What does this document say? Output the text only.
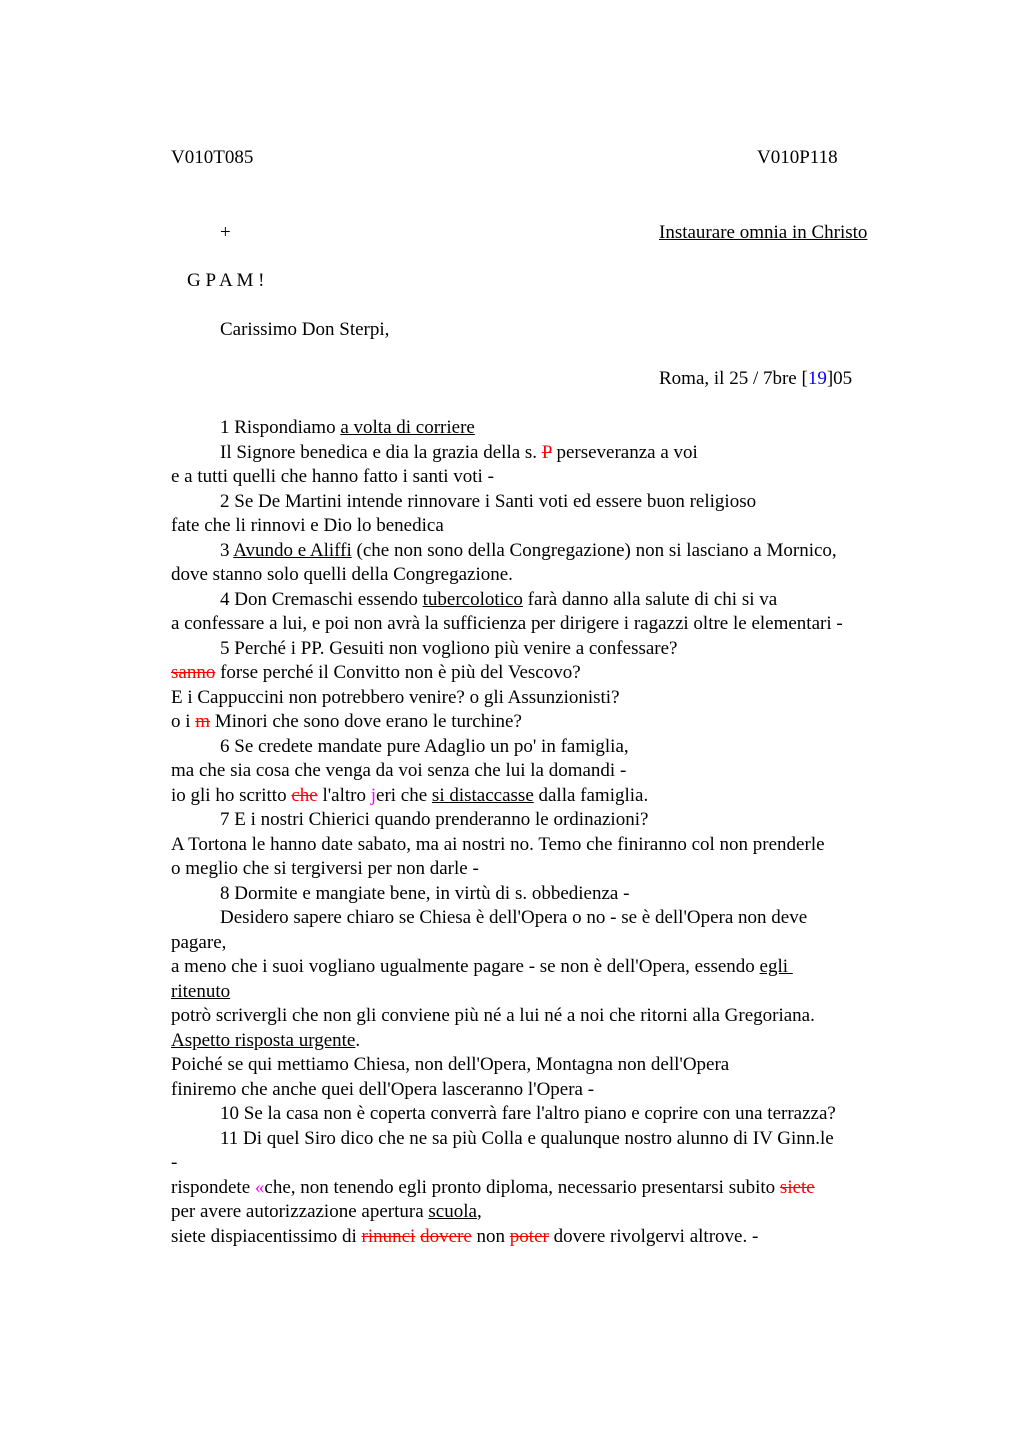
V010T085	V010P118
+	Instaurare omnia in Christo
G P A M !
Carissimo Don Sterpi,
Roma, il 25 / 7bre [19]05
1 Rispondiamo a volta di corriere
Il Signore benedica e dia la grazia della s. P perseveranza a voi
e a tutti quelli che hanno fatto i santi voti -
2 Se De Martini intende rinnovare i Santi voti ed essere buon religioso
fate che li rinnovi e Dio lo benedica
3 Avundo e Aliffi (che non sono della Congregazione) non si lasciano a Mornico,
dove stanno solo quelli della Congregazione.
4 Don Cremaschi essendo tubercolotico farà danno alla salute di chi si va
a confessare a lui, e poi non avrà la sufficienza per dirigere i ragazzi oltre le elementari -
5 Perché i PP. Gesuiti non vogliono più venire a confessare?
sanno forse perché il Convitto non è più del Vescovo?
E i Cappuccini non potrebbero venire? o gli Assunzionisti?
o i m Minori che sono dove erano le turchine?
6 Se credete mandate pure Adaglio un po' in famiglia,
ma che sia cosa che venga da voi senza che lui la domandi -
io gli ho scritto che l'altro jeri che si distaccasse dalla famiglia.
7 E i nostri Chierici quando prenderanno le ordinazioni?
A Tortona le hanno date sabato, ma ai nostri no. Temo che finiranno col non prenderle
o meglio che si tergiversi per non darle -
8 Dormite e mangiate bene, in virtù di s. obbedienza -
Desidero sapere chiaro se Chiesa è dell'Opera o no - se è dell'Opera non deve
pagare,
a meno che i suoi vogliano ugualmente pagare - se non è dell'Opera, essendo egli
ritenuto
potrò scrivergli che non gli conviene più né a lui né a noi che ritorni alla Gregoriana.
Aspetto risposta urgente.
Poiché se qui mettiamo Chiesa, non dell'Opera, Montagna non dell'Opera
finiremo che anche quei dell'Opera lasceranno l'Opera -
10 Se la casa non è coperta converrà fare l'altro piano e coprire con una terrazza?
11 Di quel Siro dico che ne sa più Colla e qualunque nostro alunno di IV Ginn.le
-
rispondete «che, non tenendo egli pronto diploma, necessario presentarsi subito siete
per avere autorizzazione apertura scuola,
siete dispiacentissimo di rinunci dovere non poter dovere rivolgervi altrove. -
